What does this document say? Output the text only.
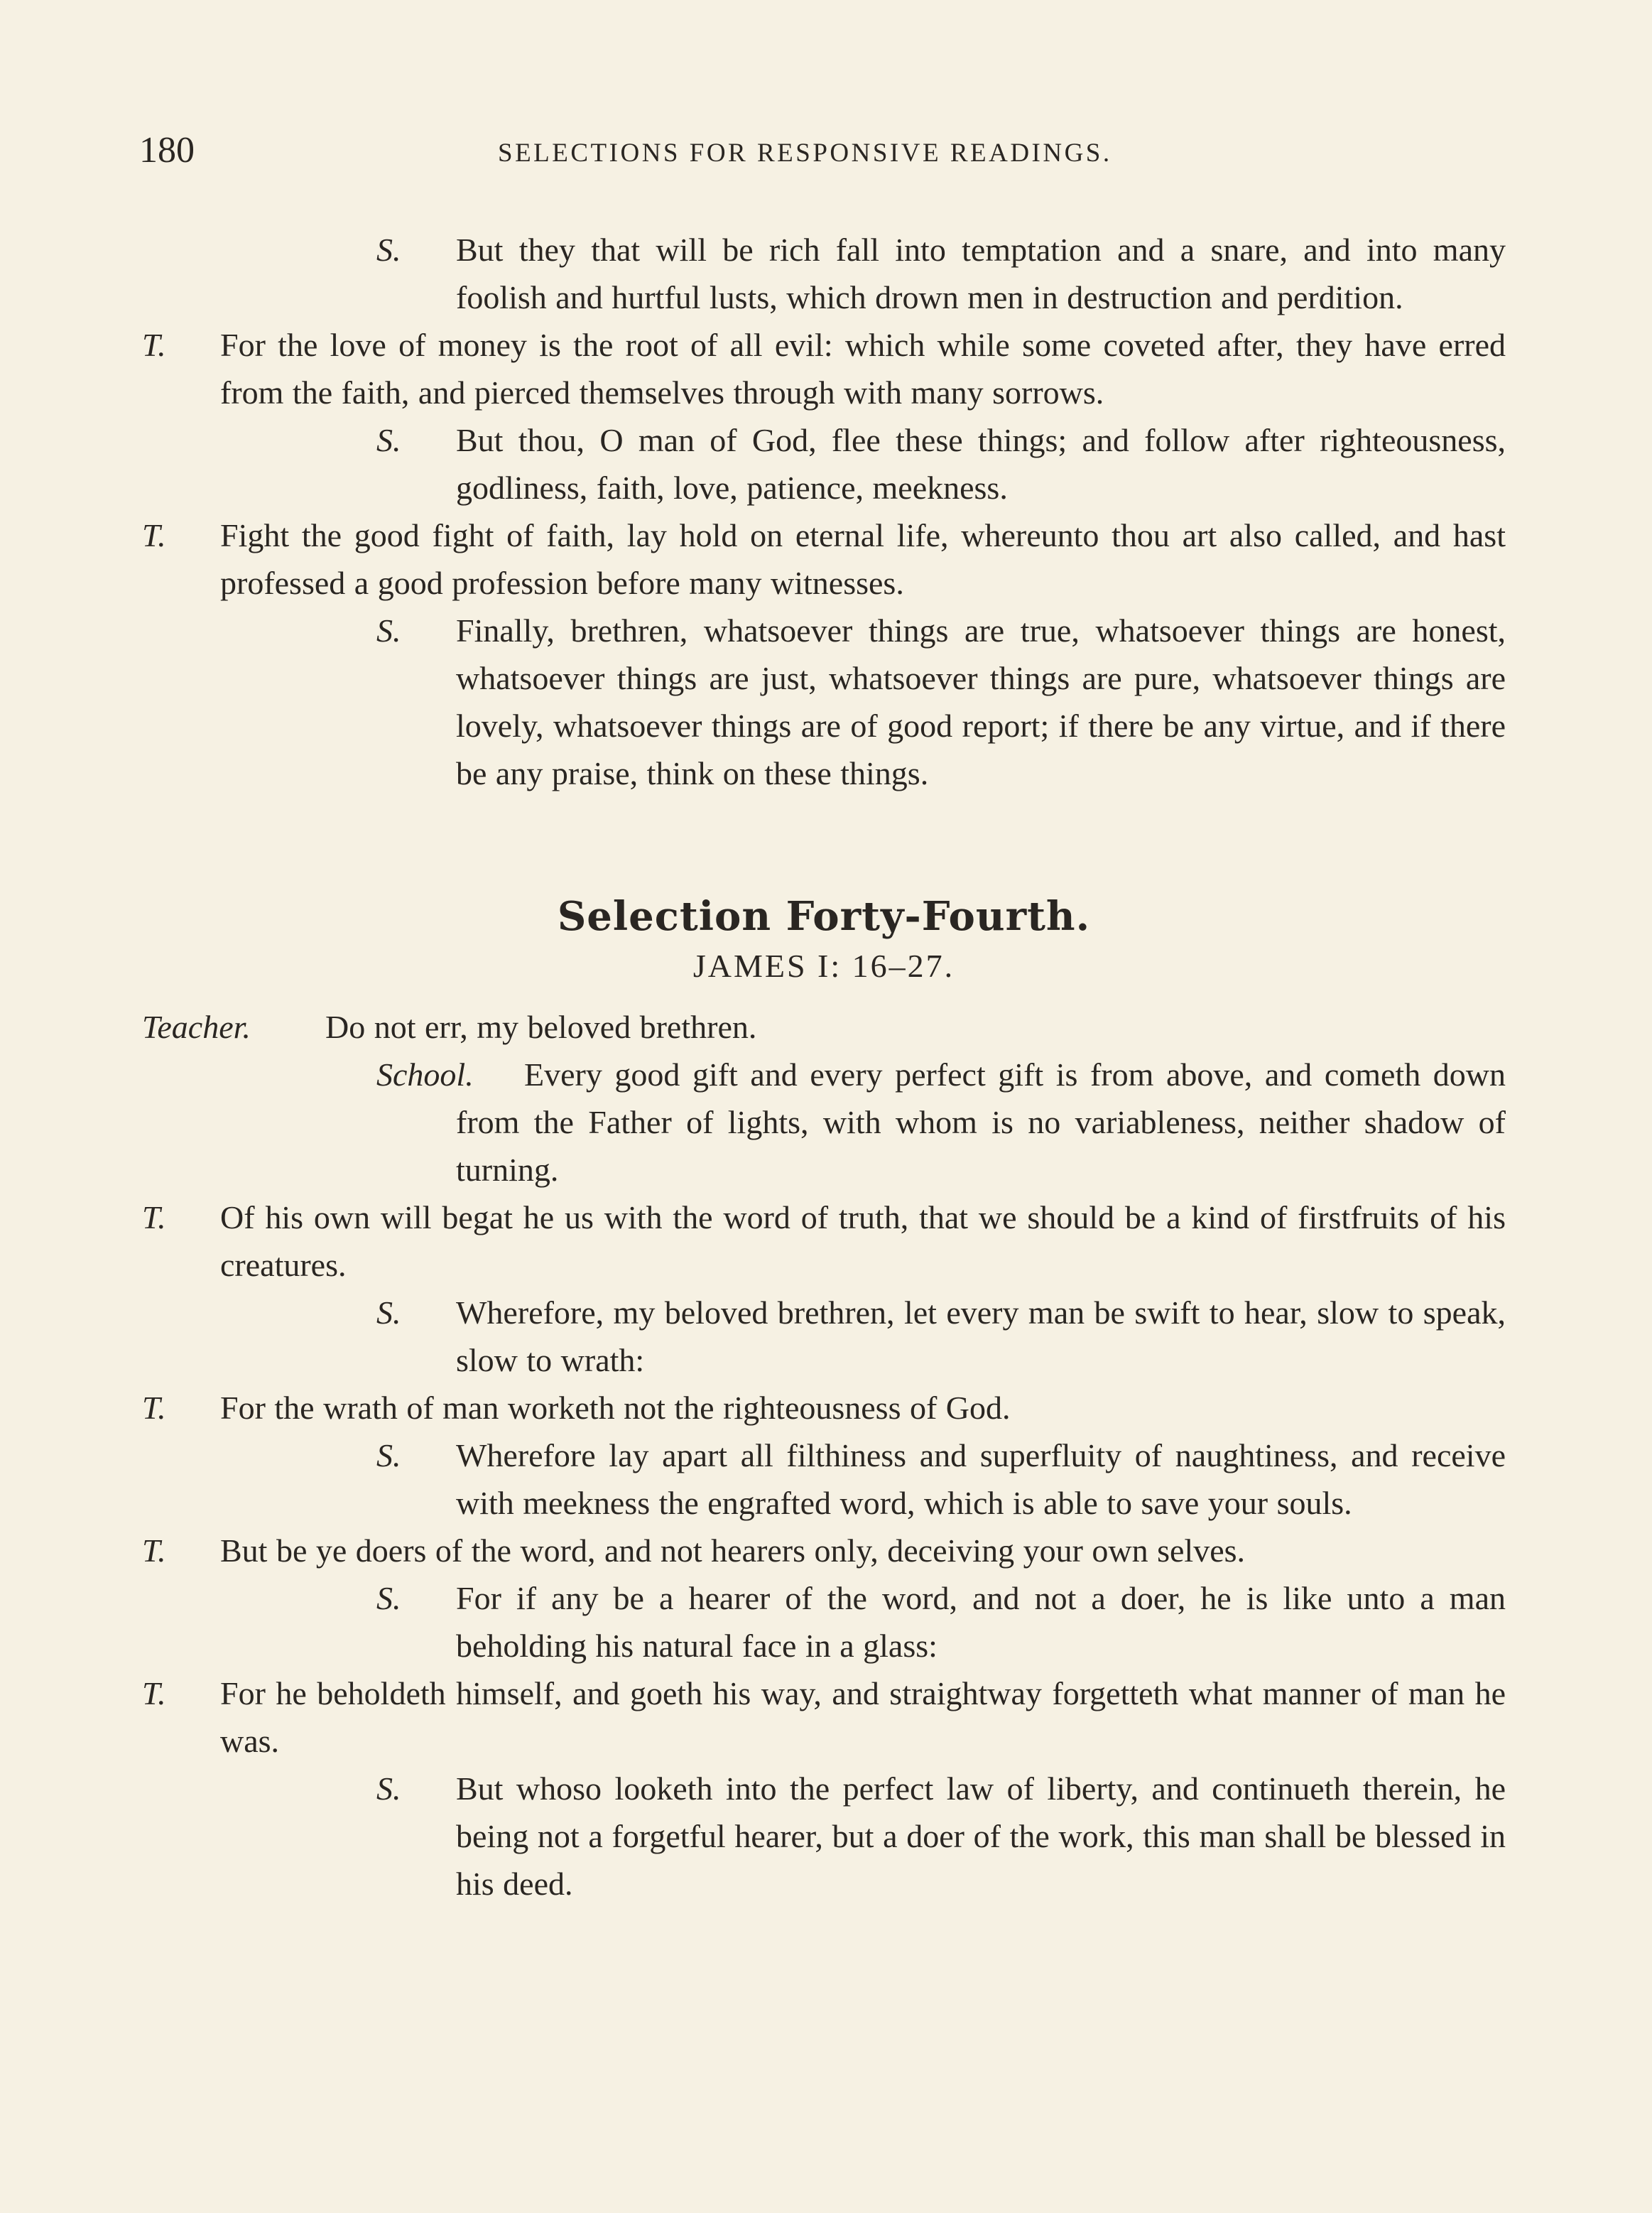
180	SELECTIONS FOR RESPONSIVE READINGS.

S. But they that will be rich fall into temptation and a snare, and into many foolish and hurtful lusts, which drown men in destruction and perdition.

T. For the love of money is the root of all evil: which while some coveted after, they have erred from the faith, and pierced themselves through with many sorrows.

S. But thou, O man of God, flee these things; and follow after righteousness, godliness, faith, love, patience, meekness.

T. Fight the good fight of faith, lay hold on eternal life, whereunto thou art also called, and hast professed a good profession before many witnesses.

S. Finally, brethren, whatsoever things are true, whatsoever things are honest, whatsoever things are just, whatsoever things are pure, whatsoever things are lovely, whatsoever things are of good report; if there be any virtue, and if there be any praise, think on these things.

Selection Forty-Fourth.
JAMES I: 16–27.

Teacher. Do not err, my beloved brethren.

School. Every good gift and every perfect gift is from above, and cometh down from the Father of lights, with whom is no variableness, neither shadow of turning.

T. Of his own will begat he us with the word of truth, that we should be a kind of firstfruits of his creatures.

S. Wherefore, my beloved brethren, let every man be swift to hear, slow to speak, slow to wrath:

T. For the wrath of man worketh not the righteousness of God.

S. Wherefore lay apart all filthiness and superfluity of naughtiness, and receive with meekness the engrafted word, which is able to save your souls.

T. But be ye doers of the word, and not hearers only, deceiving your own selves.

S. For if any be a hearer of the word, and not a doer, he is like unto a man beholding his natural face in a glass:

T. For he beholdeth himself, and goeth his way, and straightway forgetteth what manner of man he was.

S. But whoso looketh into the perfect law of liberty, and continueth therein, he being not a forgetful hearer, but a doer of the work, this man shall be blessed in his deed.
